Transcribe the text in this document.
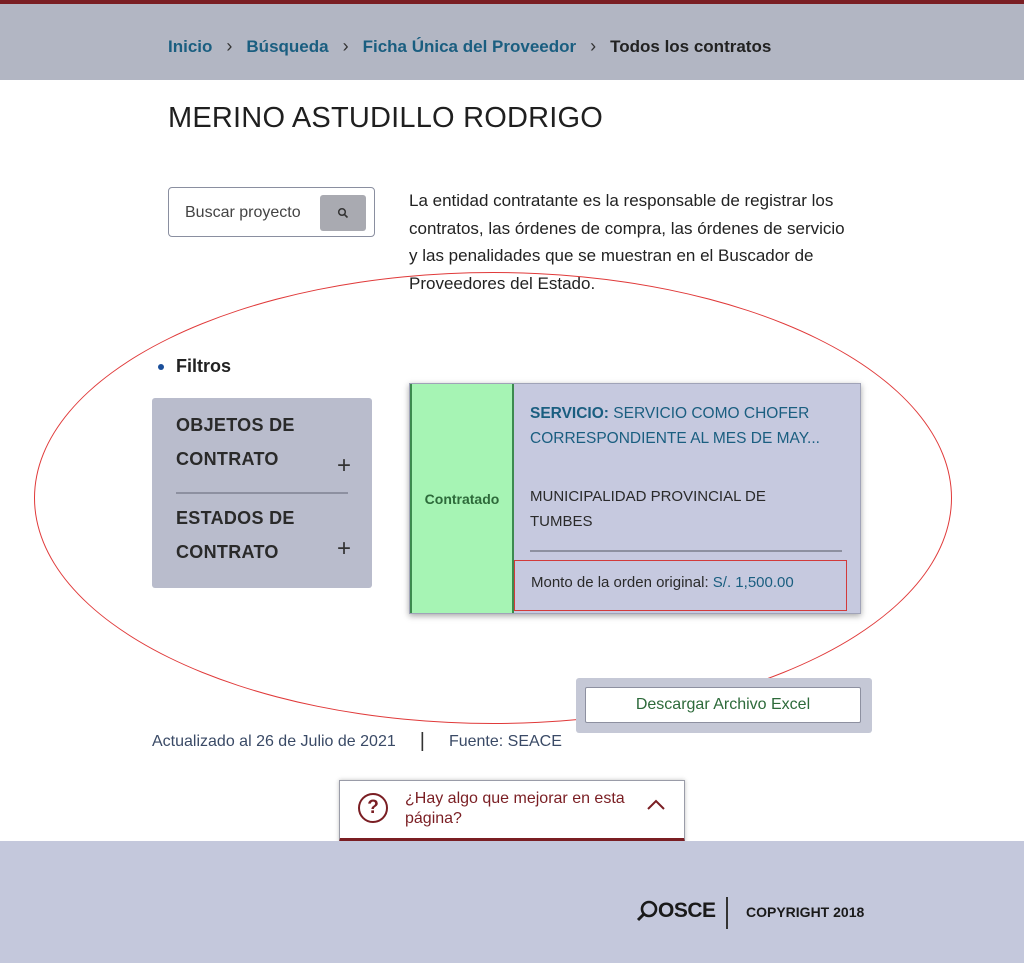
Inicio › Búsqueda › Ficha Única del Proveedor › Todos los contratos
MERINO ASTUDILLO RODRIGO
Buscar proyecto
La entidad contratante es la responsable de registrar los contratos, las órdenes de compra, las órdenes de servicio y las penalidades que se muestran en el Buscador de Proveedores del Estado.
Filtros
OBJETOS DE
CONTRATO	+
ESTADOS DE
CONTRATO	+
Contratado
SERVICIO: SERVICIO COMO CHOFER CORRESPONDIENTE AL MES DE MAY...
MUNICIPALIDAD PROVINCIAL DE TUMBES
Monto de la orden original: S/. 1,500.00
Descargar Archivo Excel
Actualizado al 26 de Julio de 2021 | Fuente: SEACE
?	¿Hay algo que mejorar en esta página?
OSCE COPYRIGHT 2018
